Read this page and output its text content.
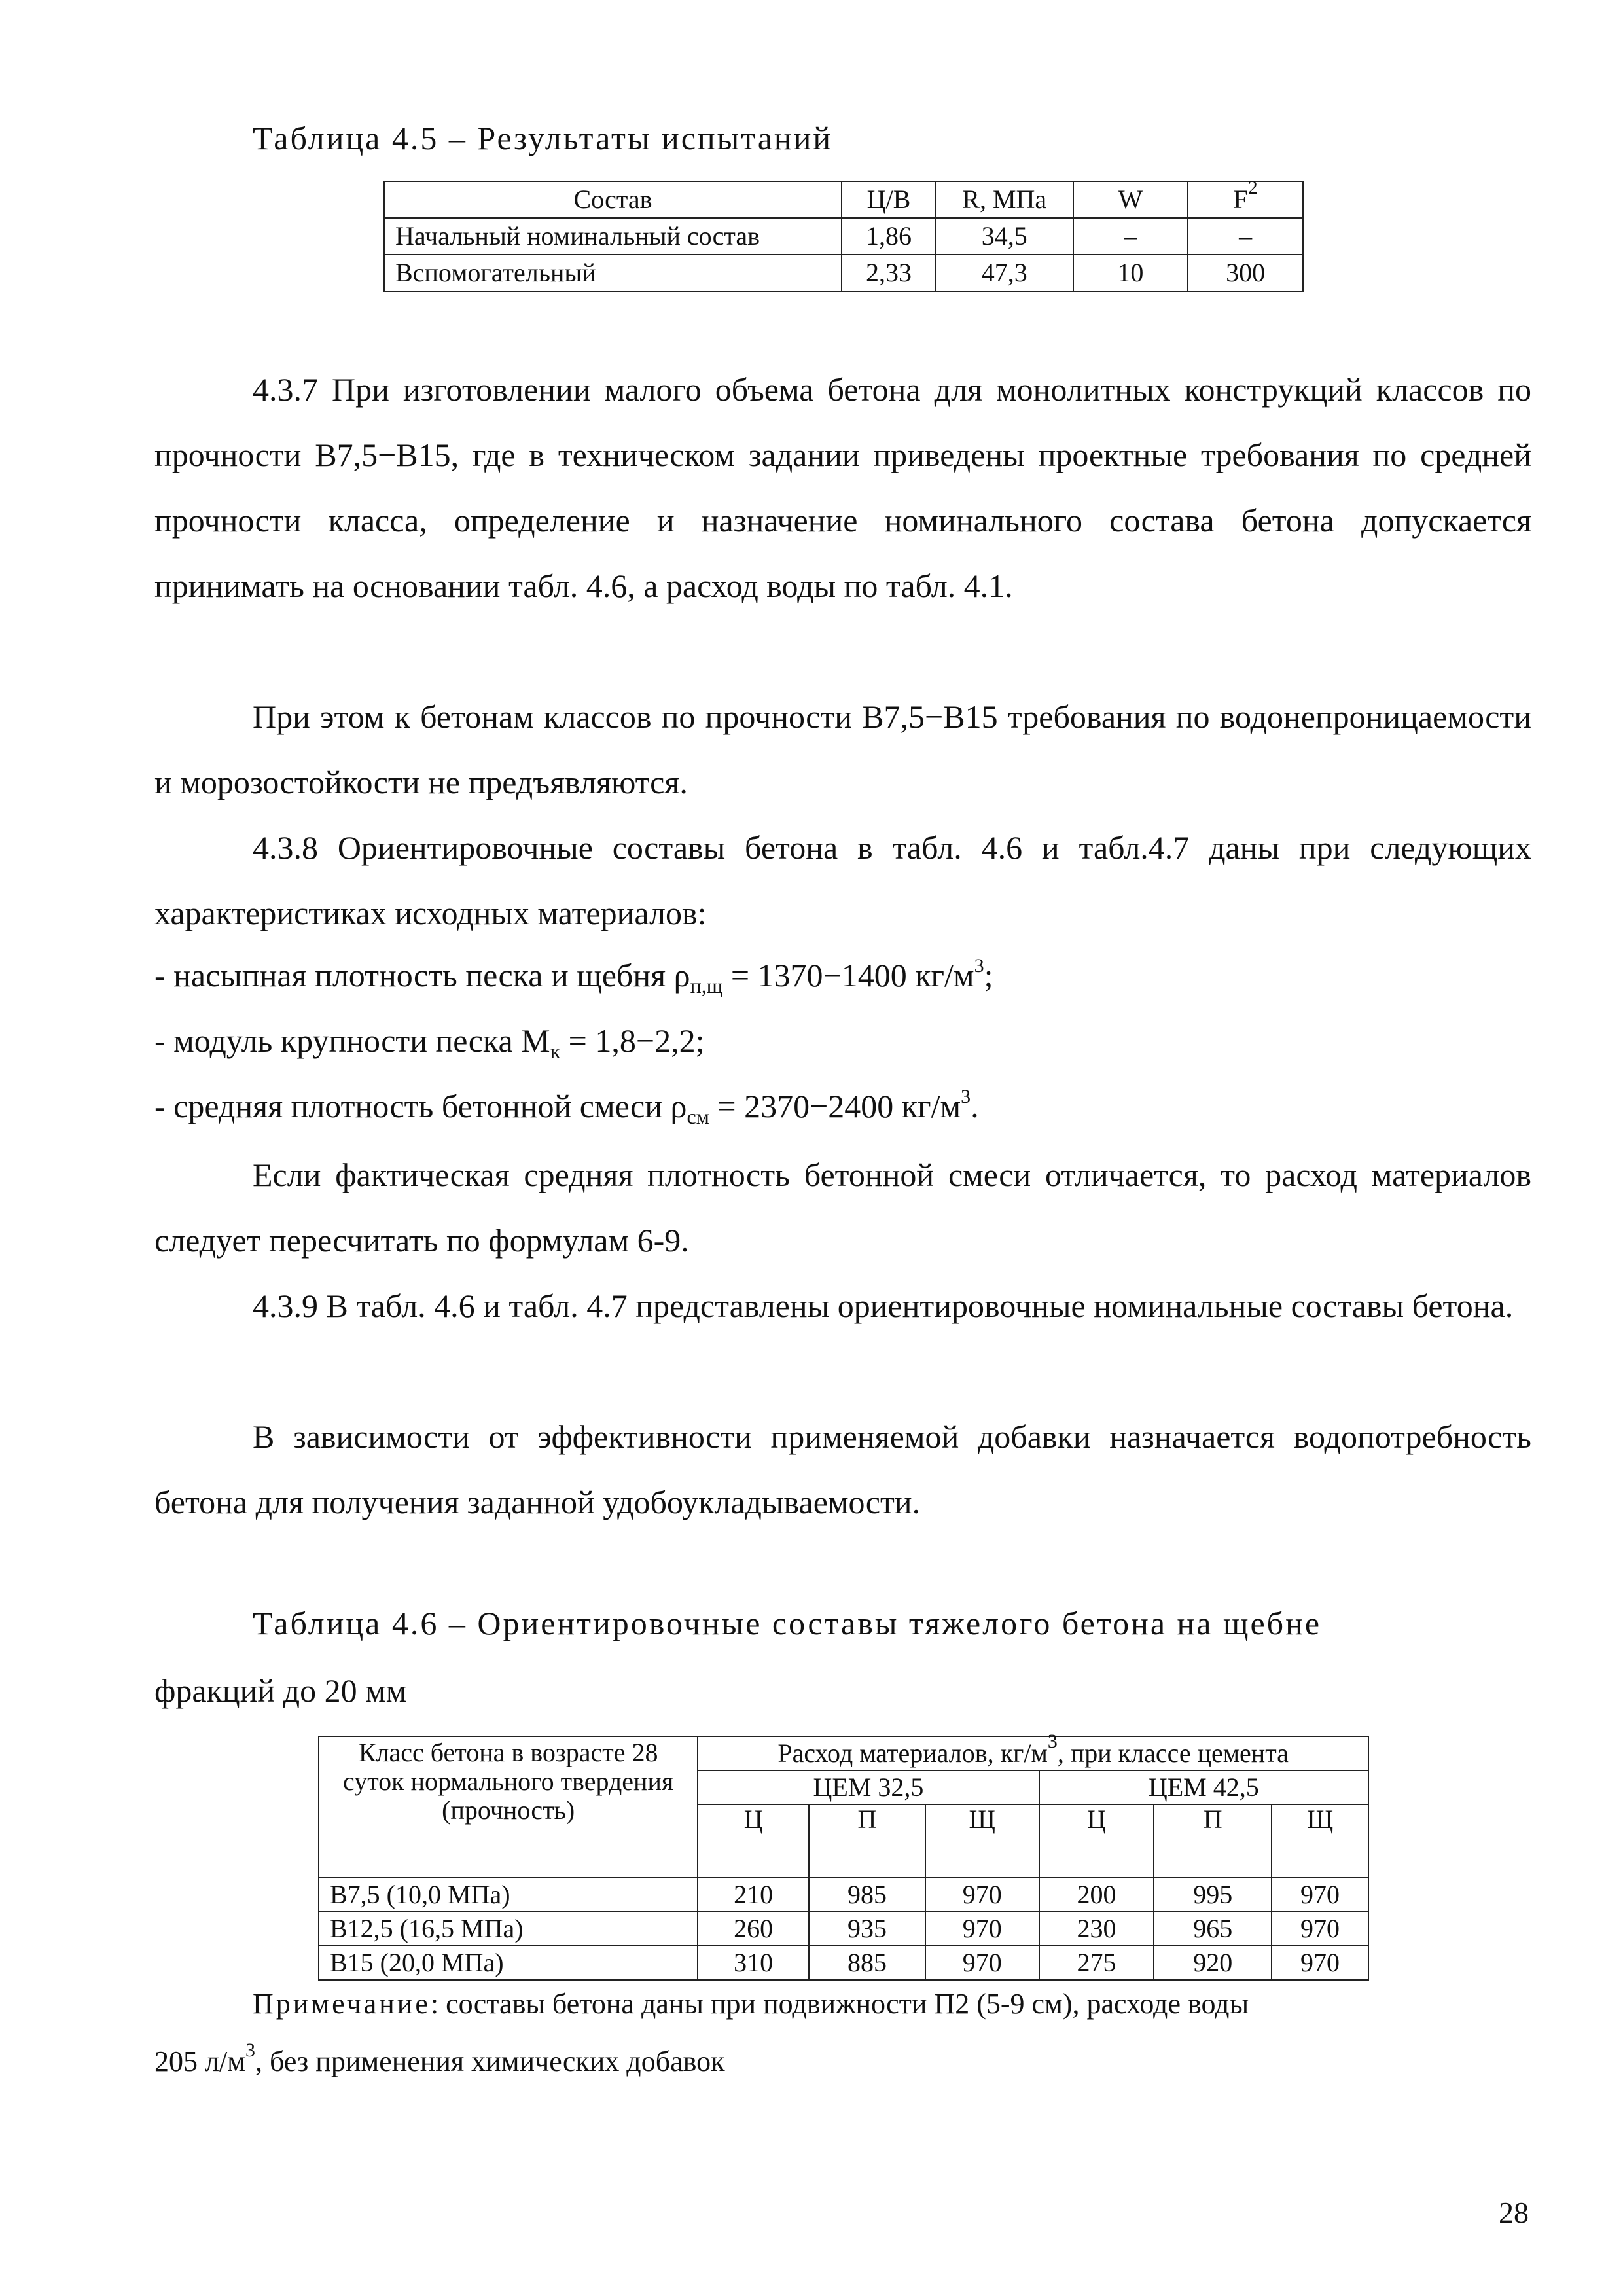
Таблица 4.5 – Результаты испытаний
Состав	Ц/В	R, МПа	W	$F^2$
Начальный номинальный состав	1,86	34,5	–	–
Вспомогательный	2,33	47,3	10	300
4.3.7 При изготовлении малого объема бетона для монолитных конструкций классов по прочности В7,5−В15, где в техническом задании приведены проектные требования по средней прочности класса, определение и назначение номинального состава бетона допускается принимать на основании табл. 4.6, а расход воды по табл. 4.1.
При этом к бетонам классов по прочности В7,5−В15 требования по водонепроницаемости и морозостойкости не предъявляются.
4.3.8 Ориентировочные составы бетона в табл. 4.6 и табл.4.7 даны при следующих характеристиках исходных материалов:
- насыпная плотность песка и щебня $\rho_{п,щ} = 1370-1400$ $кг/м^3$;
- модуль крупности песка $М_к = 1,8-2,2$;
- средняя плотность бетонной смеси $\rho_{см} = 2370-2400$ $кг/м^3$.
Если фактическая средняя плотность бетонной смеси отличается, то расход материалов следует пересчитать по формулам 6-9.
4.3.9 В табл. 4.6 и табл. 4.7 представлены ориентировочные номинальные составы бетона.
В зависимости от эффективности применяемой добавки назначается водопотребность бетона для получения заданной удобоукладываемости.
Таблица 4.6 – Ориентировочные составы тяжелого бетона на щебне
фракций до 20 мм
Класс бетона в возрасте 28 суток нормального твердения (прочность)	Расход материалов, $кг/м^3$, при классе цемента					
	ЦЕМ 32,5			ЦЕМ 42,5		
	Ц	П	Щ	Ц	П	Щ
В7,5 (10,0 МПа)	210	985	970	200	995	970
В12,5 (16,5 МПа)	260	935	970	230	965	970
В15 (20,0 МПа)	310	885	970	275	920	970
Примечание: составы бетона даны при подвижности П2 (5-9 см), расходе воды
205 $л/м^3$, без применения химических добавок
28
